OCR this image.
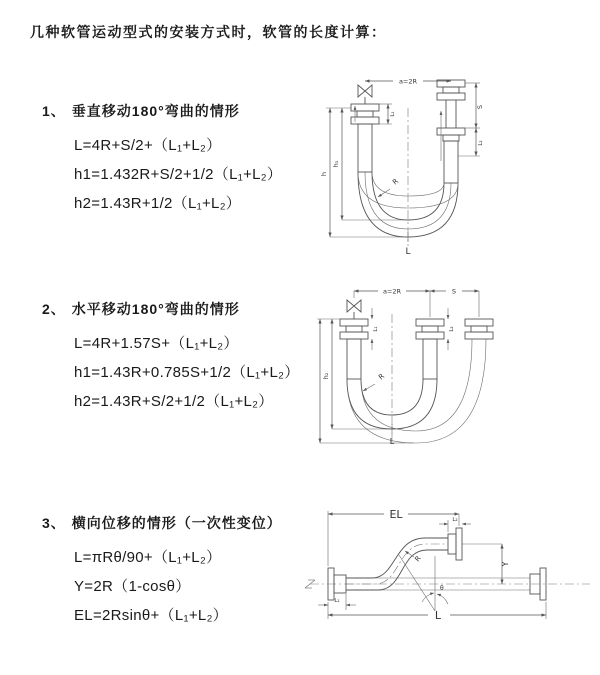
几种软管运动型式的安装方式时，软管的长度计算：
1、 垂直移动180°弯曲的情形
L=4R+S/2+（L₁+L₂）
h1=1.432R+S/2+1/2（L₁+L₂）
h2=1.43R+1/2（L₁+L₂）
a=2R
h
h₁
L₁
S
L₂
R
L
2、 水平移动180°弯曲的情形
L=4R+1.57S+（L₁+L₂）
h1=1.43R+0.785S+1/2（L₁+L₂）
h2=1.43R+S/2+1/2（L₁+L₂）
a=2R	S
h₂
L₁	L₂
R
L
3、 横向位移的情形（一次性变位）
L=πRθ/90+（L₁+L₂）
Y=2R（1-cosθ）
EL=2Rsinθ+（L₁+L₂）
EL	L₂
Y
R
θ
L
L₁
